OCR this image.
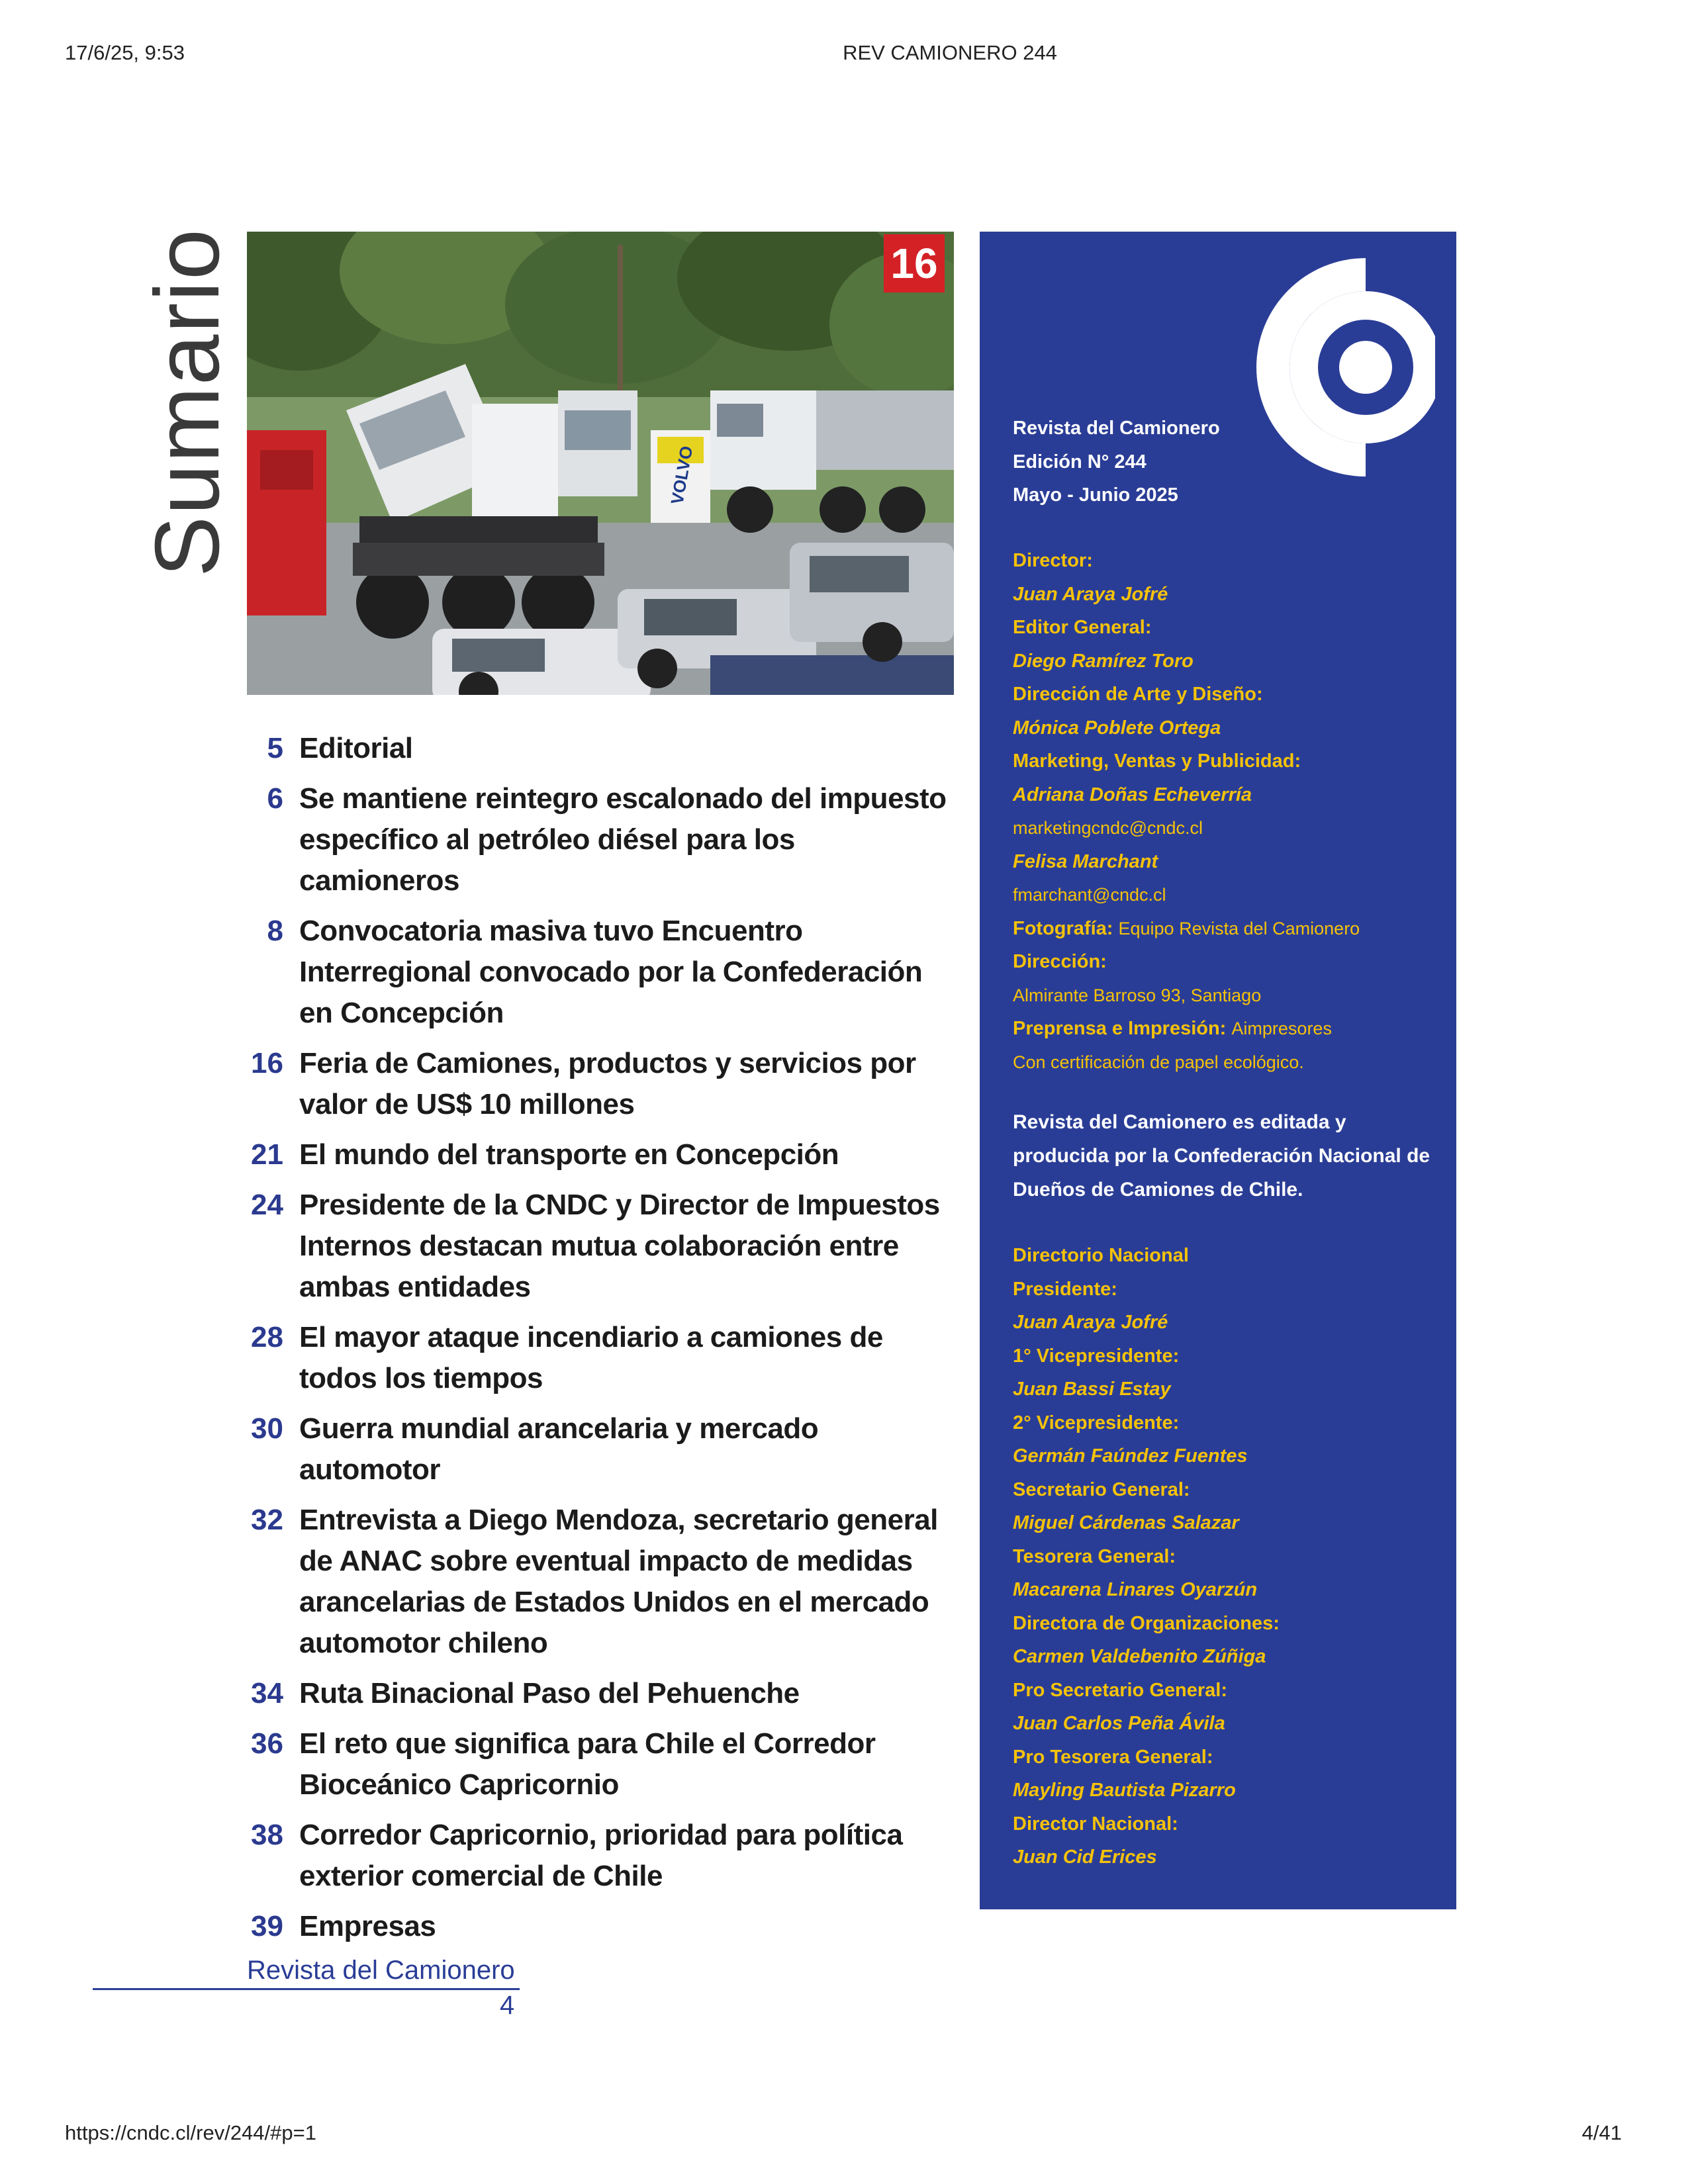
17/6/25, 9:53	REV CAMIONERO 244
https://cndc.cl/rev/244/#p=1	4/41
Sumario	VOLVO
16
5 Editorial
6 Se mantiene reintegro escalonado del impuesto específico al petróleo diésel para los camioneros
8 Convocatoria masiva tuvo Encuentro Interregional convocado por la Confederación en Concepción
16 Feria de Camiones, productos y servicios por valor de US$ 10 millones
21 El mundo del transporte en Concepción
24 Presidente de la CNDC y Director de Impuestos Internos destacan mutua colaboración entre ambas entidades
28 El mayor ataque incendiario a camiones de todos los tiempos
30 Guerra mundial arancelaria y mercado automotor
32 Entrevista a Diego Mendoza, secretario general de ANAC sobre eventual impacto de medidas arancelarias de Estados Unidos en el mercado automotor chileno
34 Ruta Binacional Paso del Pehuenche
36 El reto que significa para Chile el Corredor Bioceánico Capricornio
38 Corredor Capricornio, prioridad para política exterior comercial de Chile
39 Empresas
Revista del Camionero
Edición N° 244
Mayo - Junio 2025
Director:
Juan Araya Jofré
Editor General:
Diego Ramírez Toro
Dirección de Arte y Diseño:
Mónica Poblete Ortega
Marketing, Ventas y Publicidad:
Adriana Doñas Echeverría
marketingcndc@cndc.cl
Felisa Marchant
fmarchant@cndc.cl
Fotografía: Equipo Revista del Camionero
Dirección:
Almirante Barroso 93, Santiago
Preprensa e Impresión: Aimpresores
Con certificación de papel ecológico.
Revista del Camionero es editada y producida por la Confederación Nacional de Dueños de Camiones de Chile.
Directorio Nacional
Presidente:
Juan Araya Jofré
1° Vicepresidente:
Juan Bassi Estay
2° Vicepresidente:
Germán Faúndez Fuentes
Secretario General:
Miguel Cárdenas Salazar
Tesorera General:
Macarena Linares Oyarzún
Directora de Organizaciones:
Carmen Valdebenito Zúñiga
Pro Secretario General:
Juan Carlos Peña Ávila
Pro Tesorera General:
Mayling Bautista Pizarro
Director Nacional:
Juan Cid Erices
Revista del Camionero
4
